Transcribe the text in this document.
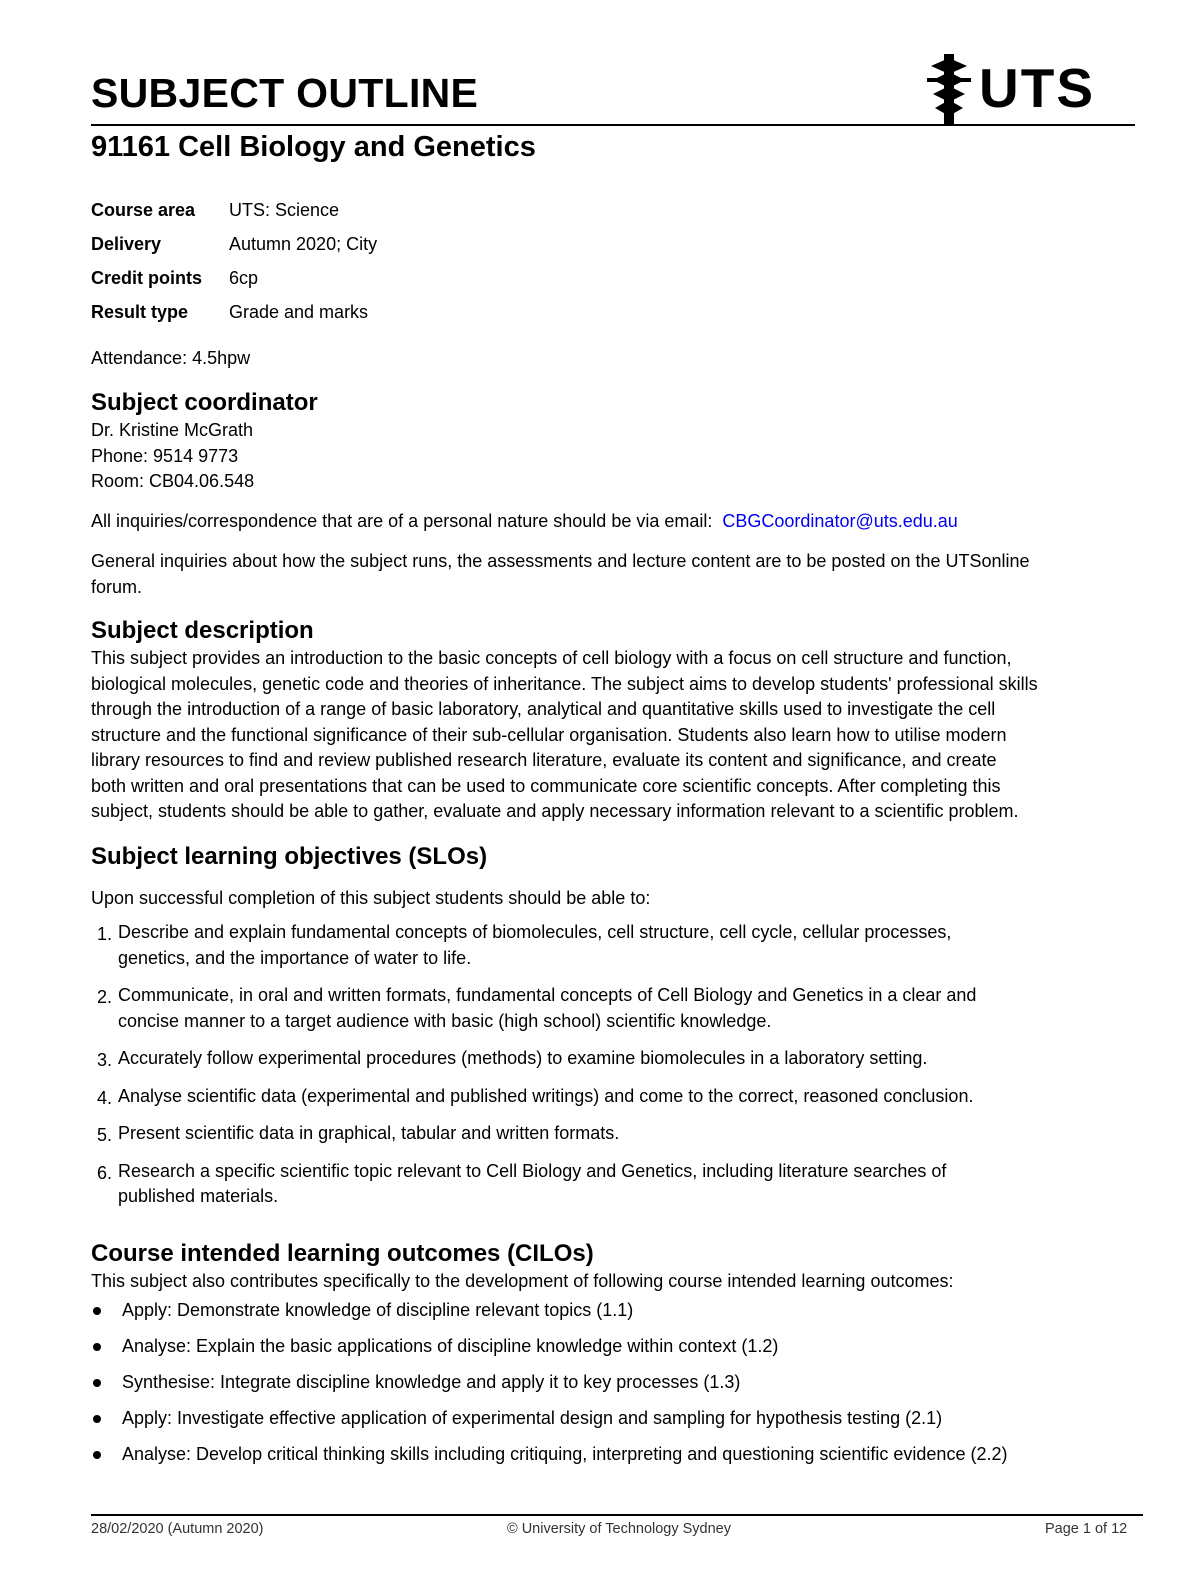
SUBJECT OUTLINE	UTS
91161 Cell Biology and Genetics
Course area	UTS: Science
Delivery	Autumn 2020; City
Credit points	6cp
Result type	Grade and marks

Attendance: 4.5hpw

Subject coordinator

Dr. Kristine McGrath
Phone: 9514 9773
Room: CB04.06.548

All inquiries/correspondence that are of a personal nature should be via email: CBGCoordinator@uts.edu.au

General inquiries about how the subject runs, the assessments and lecture content are to be posted on the UTSonline
forum.

Subject description

This subject provides an introduction to the basic concepts of cell biology with a focus on cell structure and function,
biological molecules, genetic code and theories of inheritance. The subject aims to develop students' professional skills
through the introduction of a range of basic laboratory, analytical and quantitative skills used to investigate the cell
structure and the functional significance of their sub-cellular organisation. Students also learn how to utilise modern
library resources to find and review published research literature, evaluate its content and significance, and create
both written and oral presentations that can be used to communicate core scientific concepts. After completing this
subject, students should be able to gather, evaluate and apply necessary information relevant to a scientific problem.

Subject learning objectives (SLOs)

Upon successful completion of this subject students should be able to:

1. Describe and explain fundamental concepts of biomolecules, cell structure, cell cycle, cellular processes,
genetics, and the importance of water to life.
2. Communicate, in oral and written formats, fundamental concepts of Cell Biology and Genetics in a clear and
concise manner to a target audience with basic (high school) scientific knowledge.
3. Accurately follow experimental procedures (methods) to examine biomolecules in a laboratory setting.
4. Analyse scientific data (experimental and published writings) and come to the correct, reasoned conclusion.
5. Present scientific data in graphical, tabular and written formats.
6. Research a specific scientific topic relevant to Cell Biology and Genetics, including literature searches of
published materials.
Course intended learning outcomes (CILOs)

This subject also contributes specifically to the development of following course intended learning outcomes:

Apply: Demonstrate knowledge of discipline relevant topics (1.1)
Analyse: Explain the basic applications of discipline knowledge within context (1.2)
Synthesise: Integrate discipline knowledge and apply it to key processes (1.3)
Apply: Investigate effective application of experimental design and sampling for hypothesis testing (2.1)
Analyse: Develop critical thinking skills including critiquing, interpreting and questioning scientific evidence (2.2)
28/02/2020 (Autumn 2020)	© University of Technology Sydney	Page 1 of 12
